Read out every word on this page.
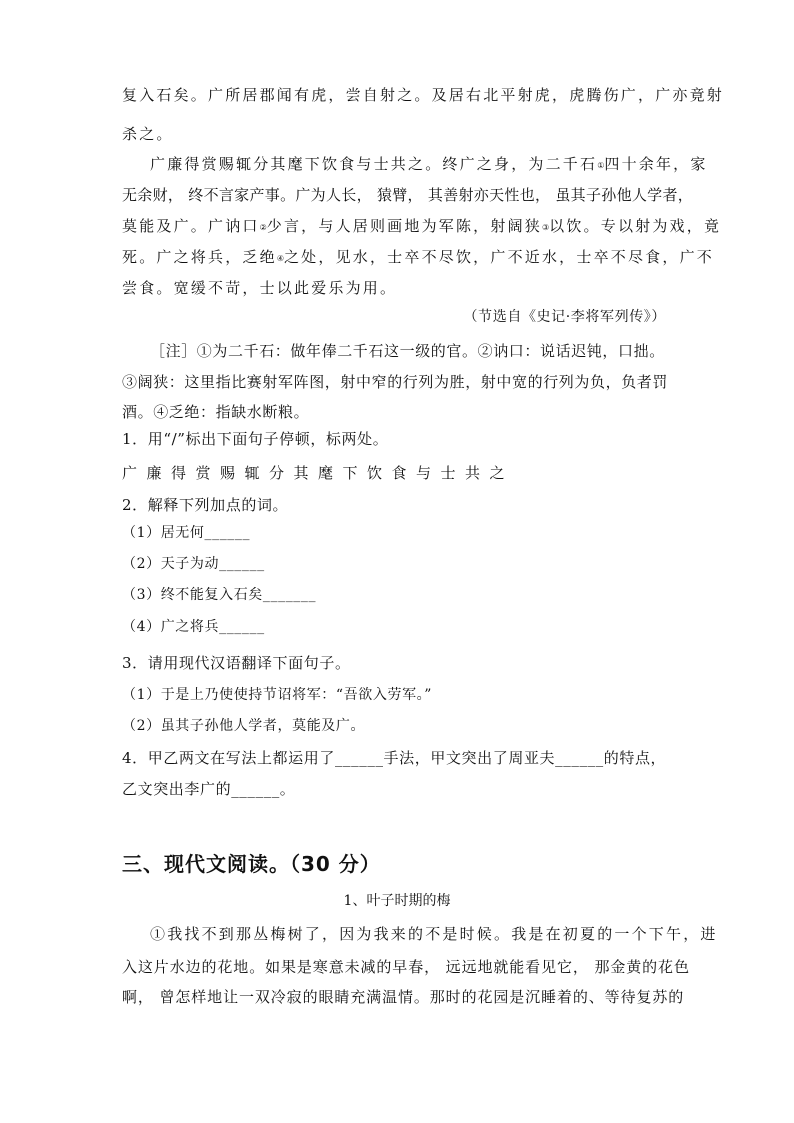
复入石矣。广所居郡闻有虎，尝自射之。及居右北平射虎，虎腾伤广，广亦竟射
杀之。
广廉得赏赐辄分其麾下饮食与士共之。终广之身，为二千石①四十余年，家
无余财， 终不言家产事。广为人长， 猿臂， 其善射亦天性也， 虽其子孙他人学者，
莫能及广。广讷口②少言，与人居则画地为军陈，射阔狭③以饮。专以射为戏，竟
死。广之将兵，乏绝④之处，见水，士卒不尽饮，广不近水，士卒不尽食，广不
尝食。宽缓不苛，士以此爱乐为用。
（节选自《史记·李将军列传》）
［注］①为二千石：做年俸二千石这一级的官。②讷口：说话迟钝，口拙。
③阔狭：这里指比赛射军阵图，射中窄的行列为胜，射中宽的行列为负，负者罚
酒。④乏绝：指缺水断粮。
1．用“/”标出下面句子停顿，标两处。
广廉得赏赐辄分其麾下饮食与士共之
2．解释下列加点的词。
（1）居无何______
（2）天子为动______
（3）终不能复入石矣_______
（4）广之将兵______
3．请用现代汉语翻译下面句子。
（1）于是上乃使使持节诏将军：“吾欲入劳军。”
（2）虽其子孙他人学者，莫能及广。
4．甲乙两文在写法上都运用了______手法，甲文突出了周亚夫______的特点，
乙文突出李广的______。
三、现代文阅读。（30 分）
1、叶子时期的梅
①我找不到那丛梅树了，因为我来的不是时候。我是在初夏的一个下午，进
入这片水边的花地。如果是寒意未减的早春， 远远地就能看见它， 那金黄的花色
啊， 曾怎样地让一双冷寂的眼睛充满温情。那时的花园是沉睡着的、等待复苏的
